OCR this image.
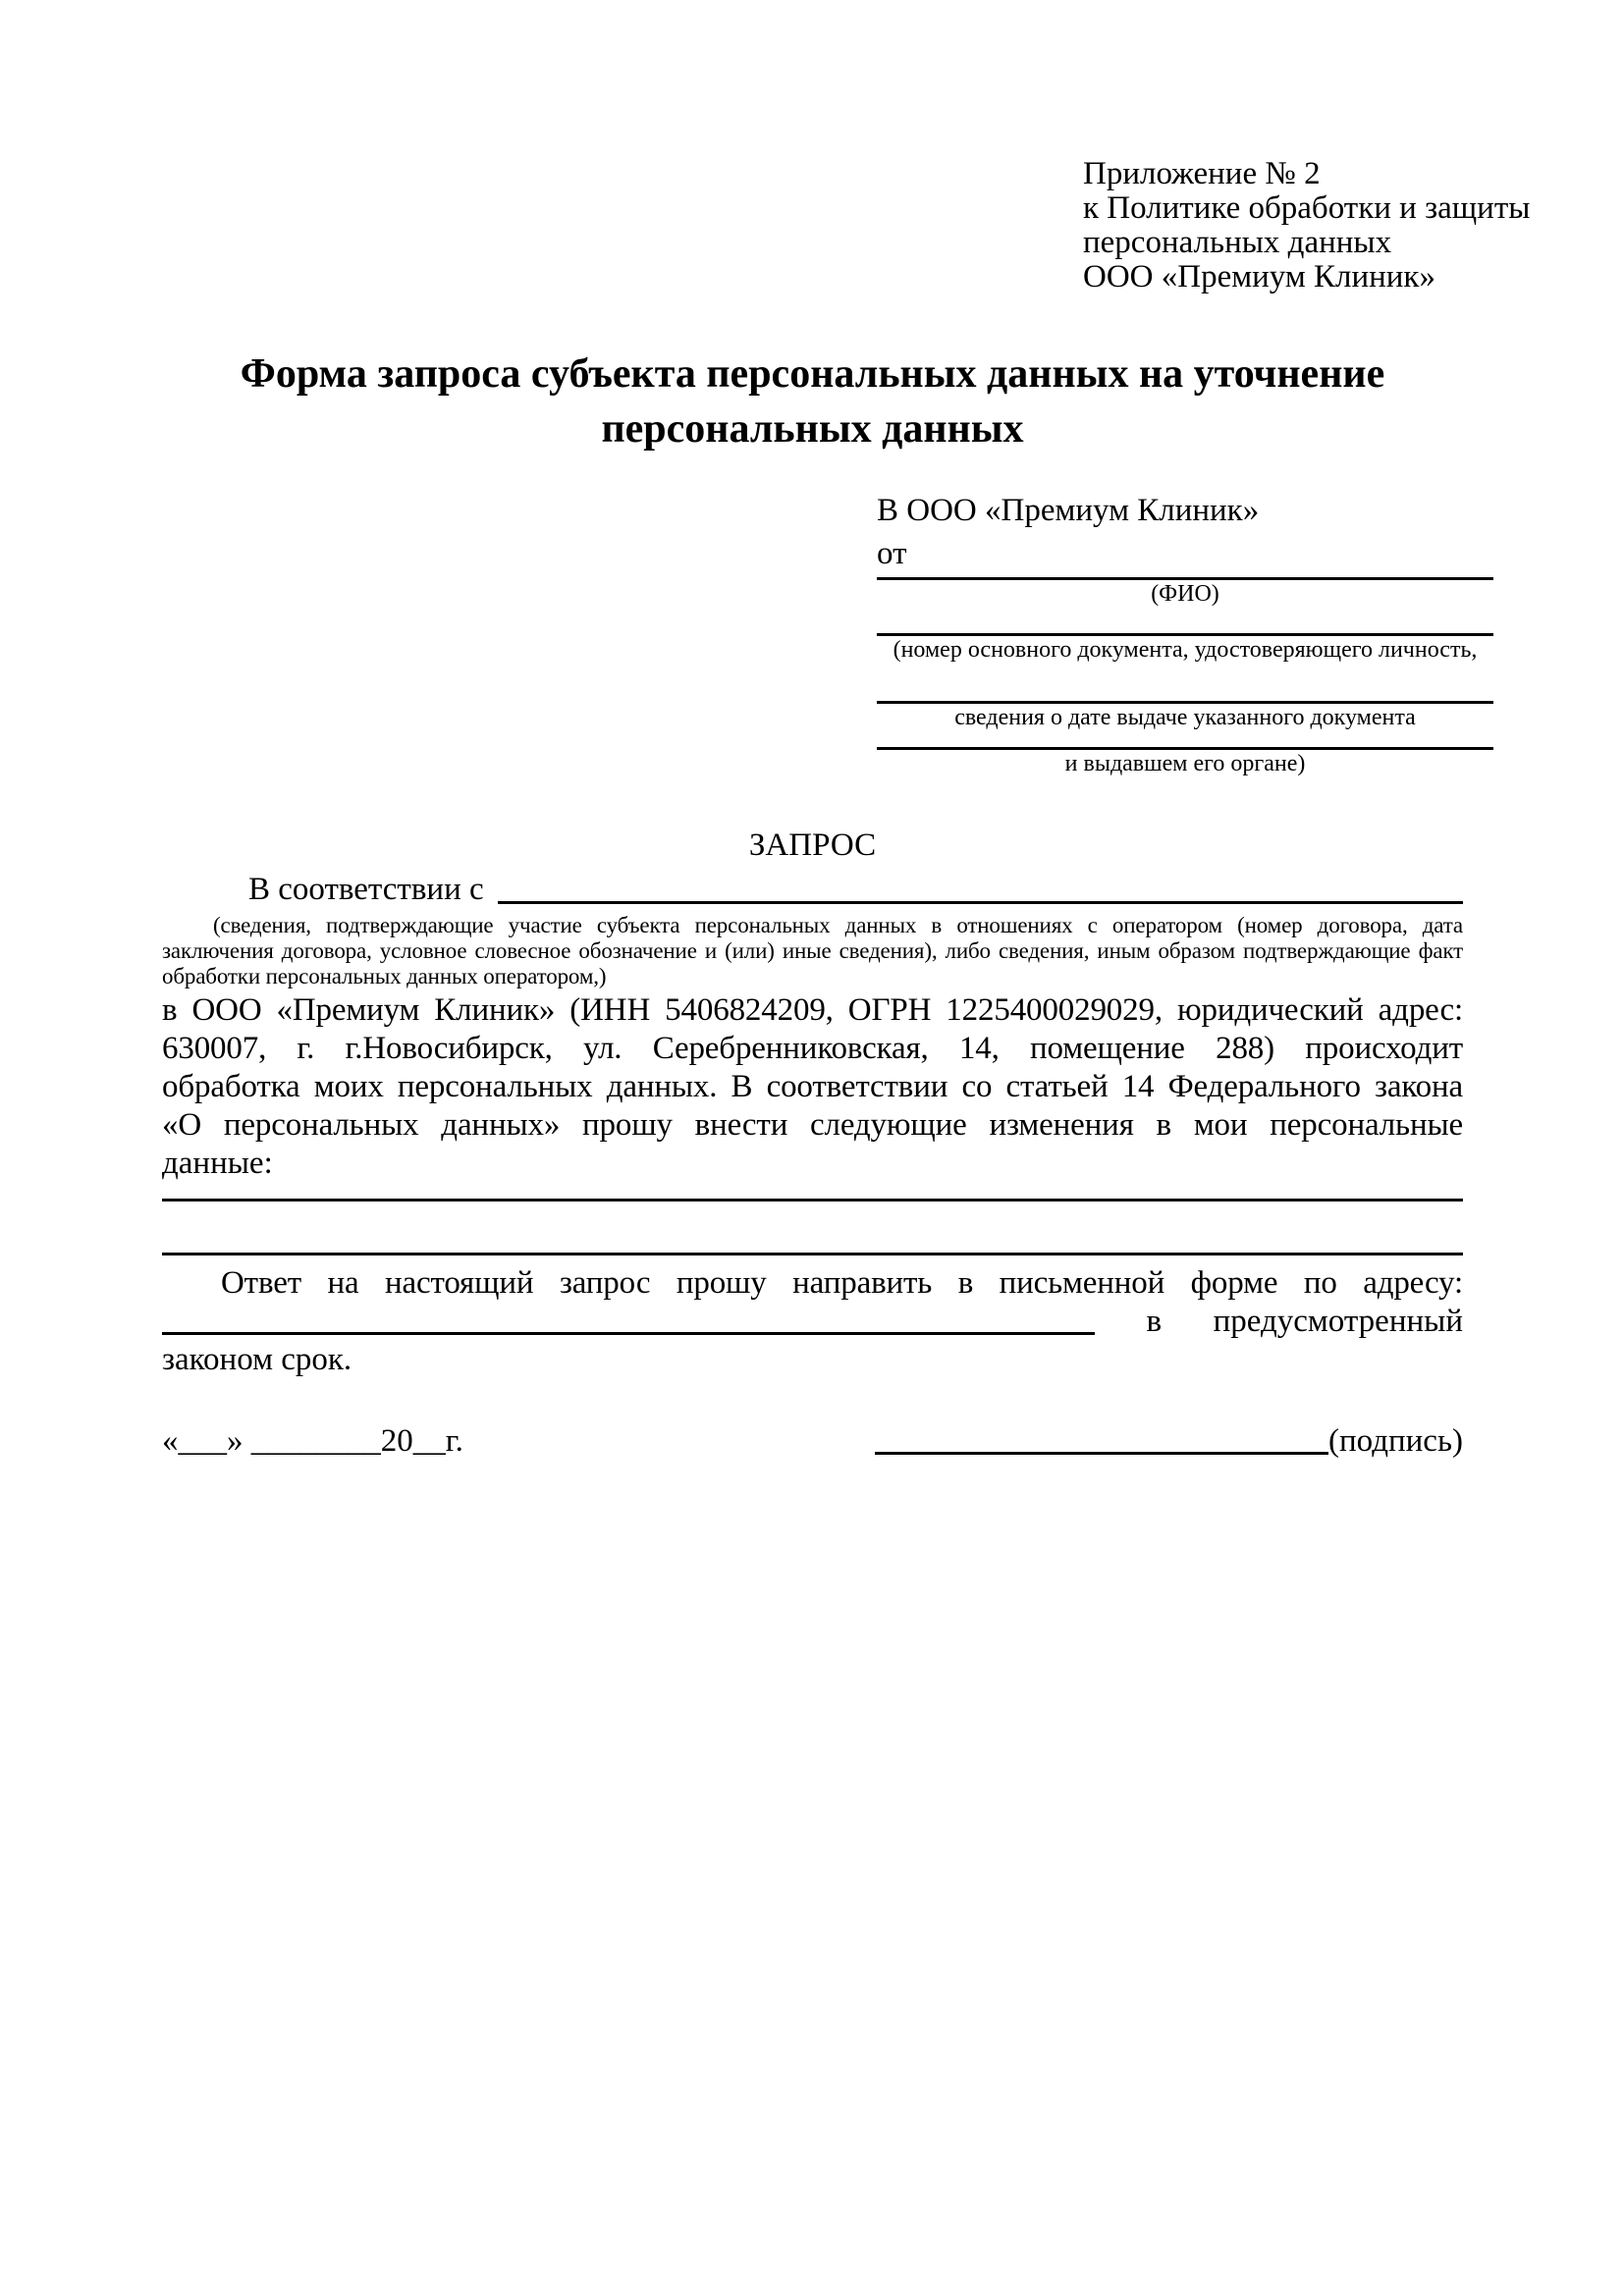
Приложение № 2
к Политике обработки и защиты
персональных данных
ООО «Премиум Клиник»
Форма запроса субъекта персональных данных на уточнение персональных данных
В ООО «Премиум Клиник»
от
(ФИО)
(номер основного документа, удостоверяющего личность,
сведения о дате выдаче указанного документа
и выдавшем его органе)
ЗАПРОС
В соответствии с
(сведения, подтверждающие участие субъекта персональных данных в отношениях с оператором (номер договора, дата
заключения договора, условное словесное обозначение и (или) иные сведения), либо сведения, иным образом подтверждающие факт
обработки персональных данных оператором,)
в ООО «Премиум Клиник» (ИНН 5406824209, ОГРН 1225400029029, юридический адрес:
630007, г. г.Новосибирск, ул. Серебренниковская, 14, помещение 288) происходит
обработка моих персональных данных. В соответствии со статьей 14 Федерального закона
«О персональных данных» прошу внести следующие изменения в мои персональные
данные:
Ответ на настоящий запрос прошу направить в письменной форме по адресу:
в предусмотренный
законом срок.
«___» ________20__г.	(подпись)
